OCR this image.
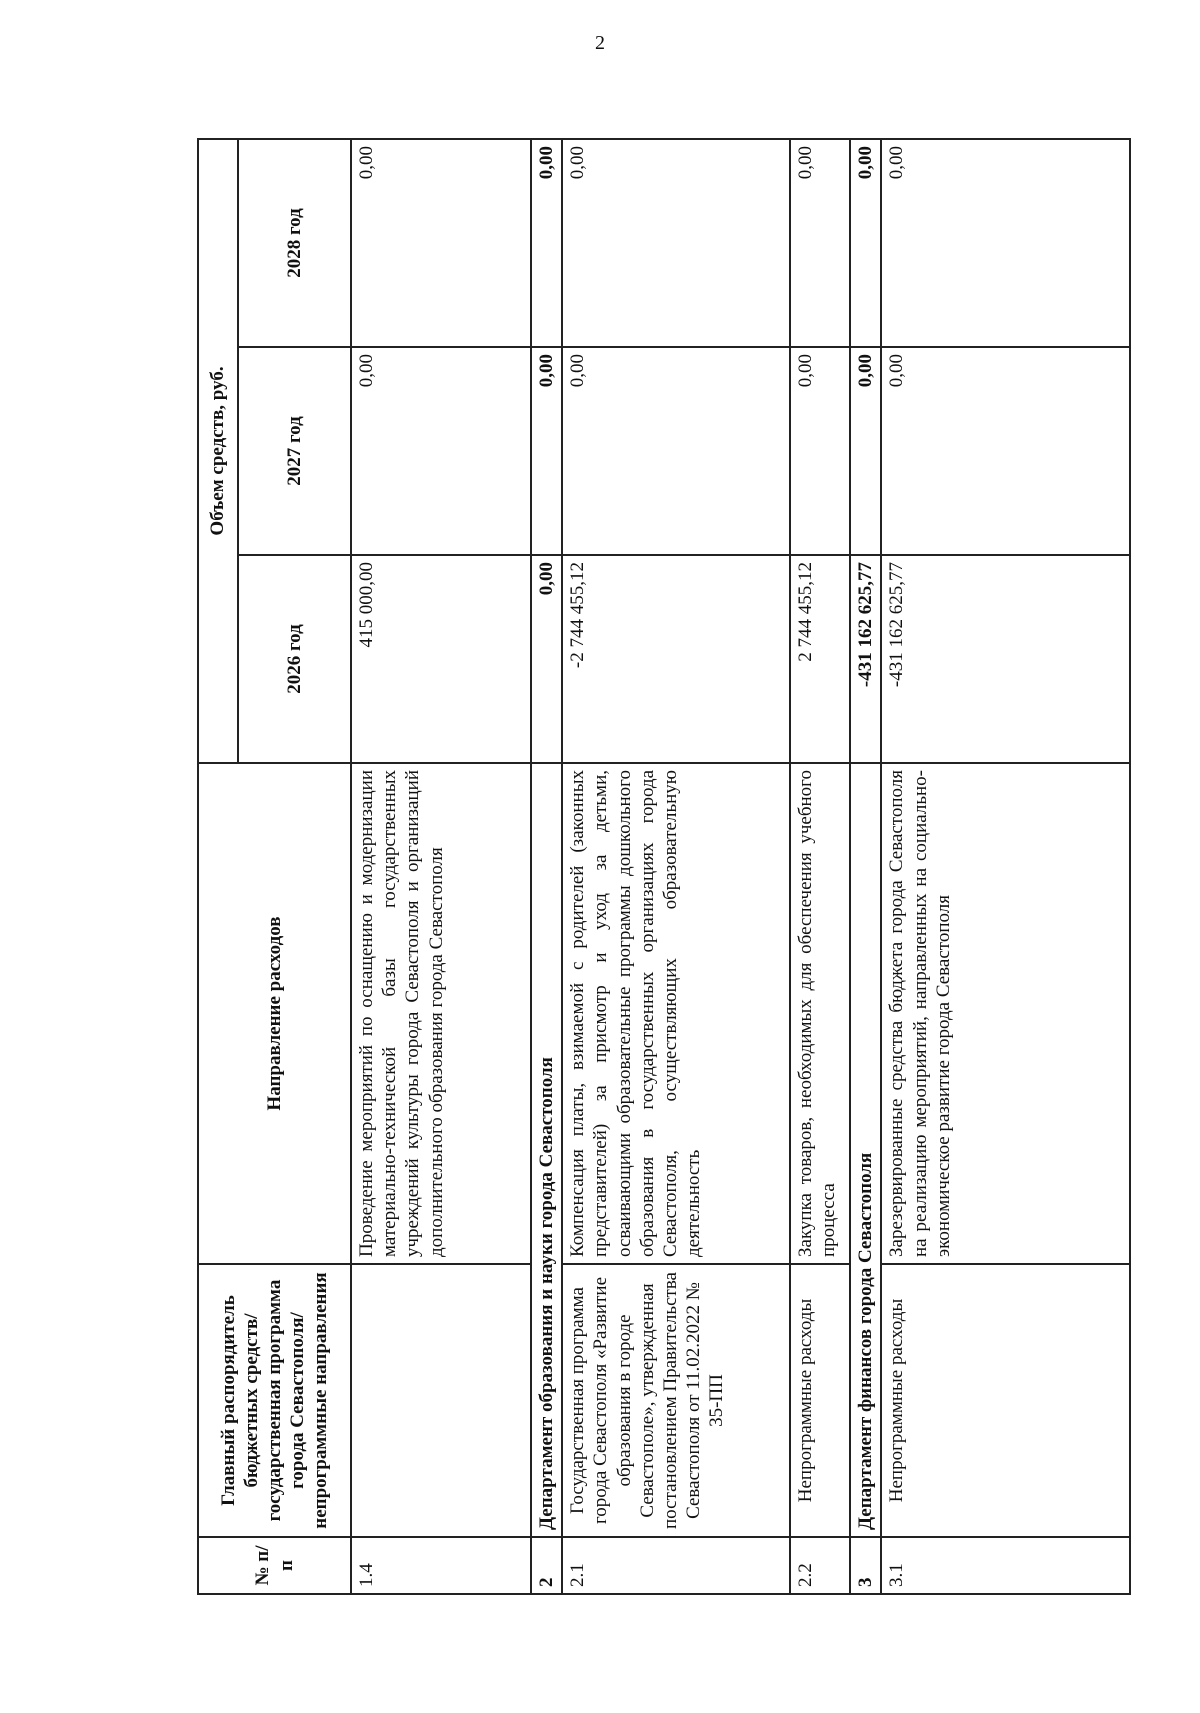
2
№ п/п	Главный распорядитель бюджетных средств/государственная программа города Севастополя/непрограммные направления	Направление расходов	Объем средств, руб.		
			2026 год	2027 год	2028 год
1.4		Проведение мероприятий по оснащению и модернизации материально-технической базы государственных учреждений культуры города Севастополя и организаций дополнительного образования города Севастополя	415 000,00	0,00	0,00
2	Департамент образования и науки города Севастополя		0,00	0,00	0,00
2.1	Государственная программа города Севастополя «Развитие образования в городе Севастополе», утвержденная постановлением Правительства Севастополя от 11.02.2022 № 35-ПП	Компенсация платы, взимаемой с родителей (законных представителей) за присмотр и уход за детьми, осваивающими образовательные программы дошкольного образования в государственных организациях города Севастополя, осуществляющих образовательную деятельность	-2 744 455,12	0,00	0,00
2.2	Непрограммные расходы	Закупка товаров, необходимых для обеспечения учебного процесса	2 744 455,12	0,00	0,00
3	Департамент финансов города Севастополя		-431 162 625,77	0,00	0,00
3.1	Непрограммные расходы	Зарезервированные средства бюджета города Севастополя на реализацию мероприятий, направленных на социально-экономическое развитие города Севастополя	-431 162 625,77	0,00	0,00
